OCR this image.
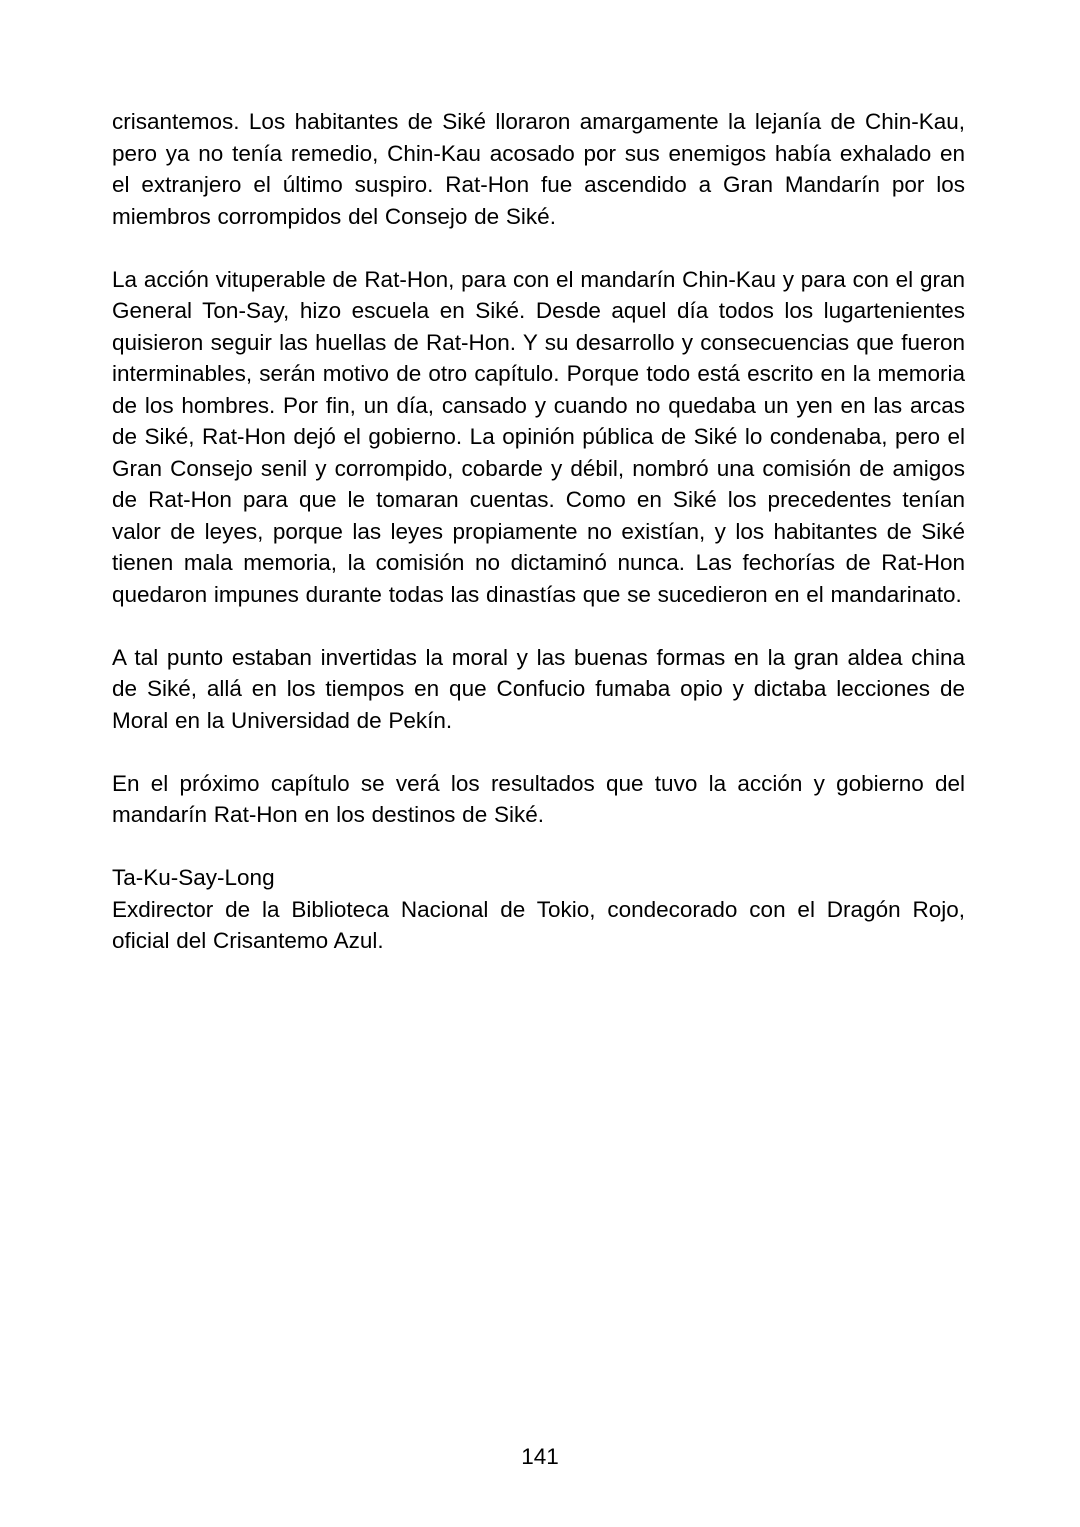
crisantemos. Los habitantes de Siké lloraron amargamente la lejanía de Chin-Kau, pero ya no tenía remedio, Chin-Kau acosado por sus enemigos había exhalado en el extranjero el último suspiro. Rat-Hon fue ascendido a Gran Mandarín por los miembros corrompidos del Consejo de Siké.

La acción vituperable de Rat-Hon, para con el mandarín Chin-Kau y para con el gran General Ton-Say, hizo escuela en Siké. Desde aquel día todos los lugartenientes quisieron seguir las huellas de Rat-Hon. Y su desarrollo y consecuencias que fueron interminables, serán motivo de otro capítulo. Porque todo está escrito en la memoria de los hombres. Por fin, un día, cansado y cuando no quedaba un yen en las arcas de Siké, Rat-Hon dejó el gobierno. La opinión pública de Siké lo condenaba, pero el Gran Consejo senil y corrompido, cobarde y débil, nombró una comisión de amigos de Rat-Hon para que le tomaran cuentas. Como en Siké los precedentes tenían valor de leyes, porque las leyes propiamente no existían, y los habitantes de Siké tienen mala memoria, la comisión no dictaminó nunca. Las fechorías de Rat-Hon quedaron impunes durante todas las dinastías que se sucedieron en el mandarinato.

A tal punto estaban invertidas la moral y las buenas formas en la gran aldea china de Siké, allá en los tiempos en que Confucio fumaba opio y dictaba lecciones de Moral en la Universidad de Pekín.

En el próximo capítulo se verá los resultados que tuvo la acción y gobierno del mandarín Rat-Hon en los destinos de Siké.

Ta-Ku-Say-Long
Exdirector de la Biblioteca Nacional de Tokio, condecorado con el Dragón Rojo, oficial del Crisantemo Azul.
141
